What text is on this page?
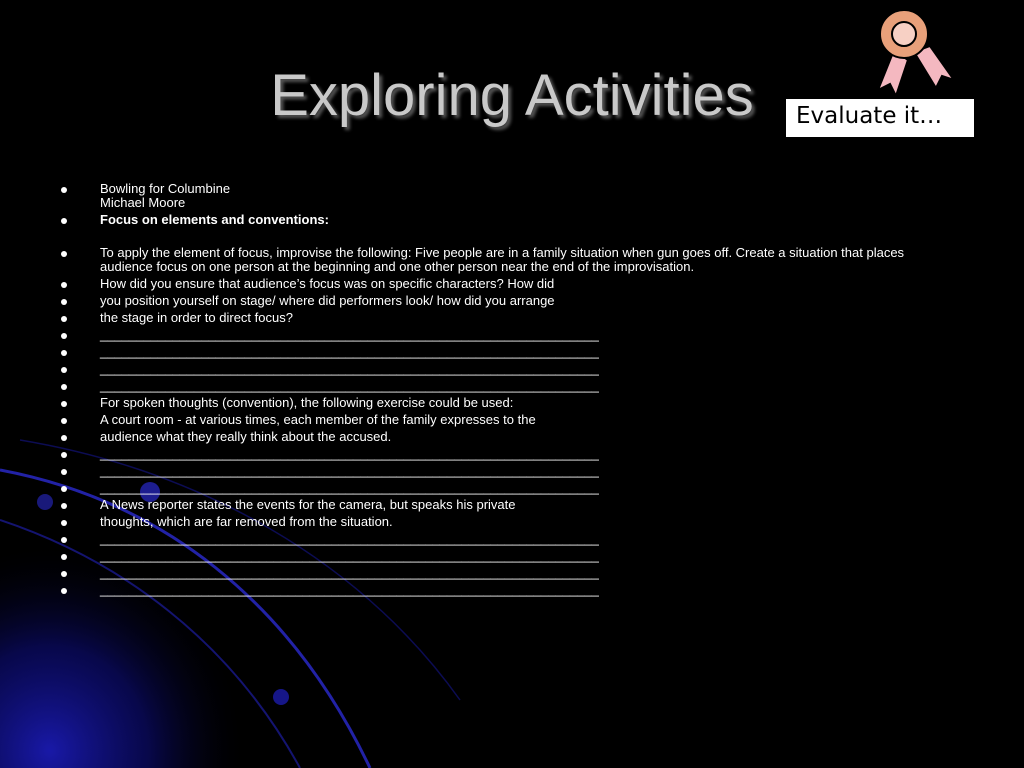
Exploring Activities	Evaluate it…
Bowling for Columbine
Michael Moore
Focus on elements and conventions:
To apply the element of focus, improvise the following: Five people are in a family situation when gun goes off. Create a situation that places audience focus on one person at the beginning and one other person near the end of the improvisation.
How did you ensure that audience’s focus was on specific characters? How did
you position yourself on stage/ where did performers look/ how did you arrange
the stage in order to direct focus?
_____________________________________________________________________
_____________________________________________________________________
_____________________________________________________________________
_____________________________________________________________________
For spoken thoughts (convention), the following exercise could be used:
A court room - at various times, each member of the family expresses to the
audience what they really think about the accused.
_____________________________________________________________________
_____________________________________________________________________
_____________________________________________________________________
A News reporter states the events for the camera, but speaks his private
thoughts, which are far removed from the situation.
_____________________________________________________________________
_____________________________________________________________________
_____________________________________________________________________
_____________________________________________________________________
